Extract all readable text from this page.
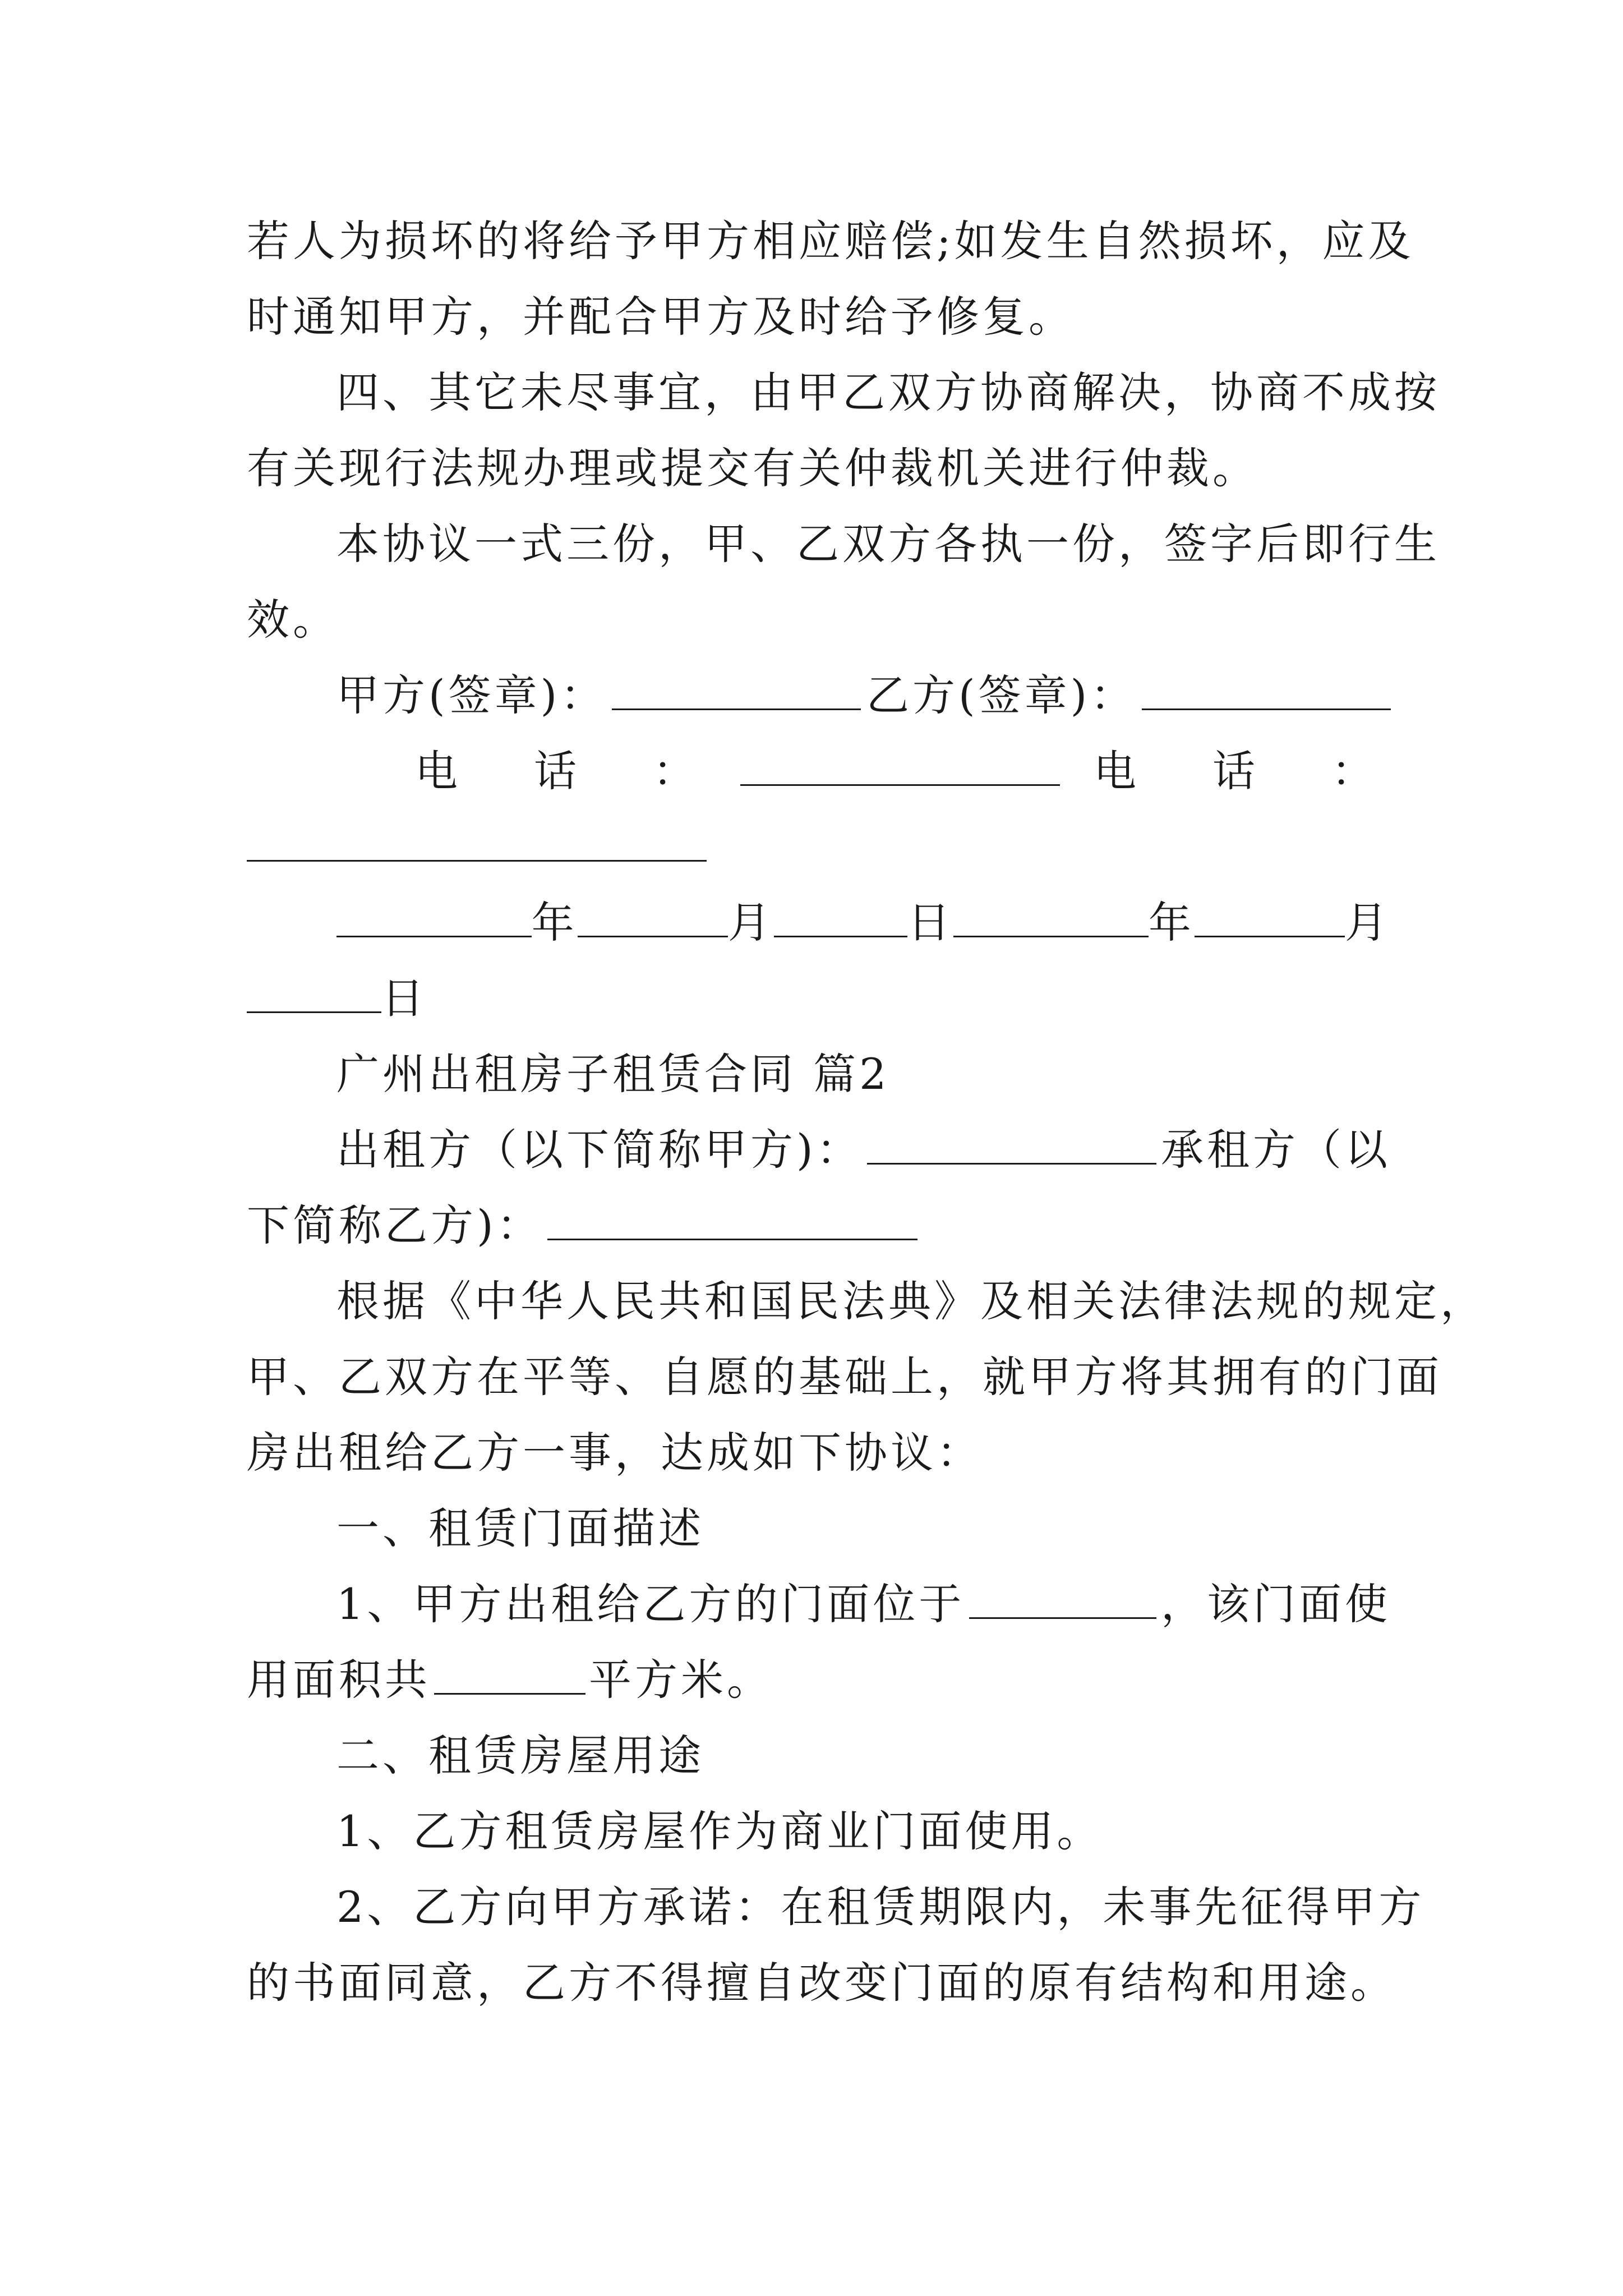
若人为损坏的将给予甲方相应赔偿;如发生自然损坏，应及
时通知甲方，并配合甲方及时给予修复。
四、其它未尽事宜，由甲乙双方协商解决，协商不成按
有关现行法规办理或提交有关仲裁机关进行仲裁。
本协议一式三份，甲、乙双方各执一份，签字后即行生
效。
甲方(签章)：	乙方(签章)：
电　话　：	电　话　：
年	月	日	年	月
日
广州出租房子租赁合同 篇2
出租方（以下简称甲方)：	承租方（以
下简称乙方)：
根据《中华人民共和国民法典》及相关法律法规的规定，
甲、乙双方在平等、自愿的基础上，就甲方将其拥有的门面
房出租给乙方一事，达成如下协议：
一、租赁门面描述
1、甲方出租给乙方的门面位于	，该门面使
用面积共	平方米。
二、租赁房屋用途
1、乙方租赁房屋作为商业门面使用。
2、乙方向甲方承诺：在租赁期限内，未事先征得甲方
的书面同意，乙方不得擅自改变门面的原有结构和用途。
